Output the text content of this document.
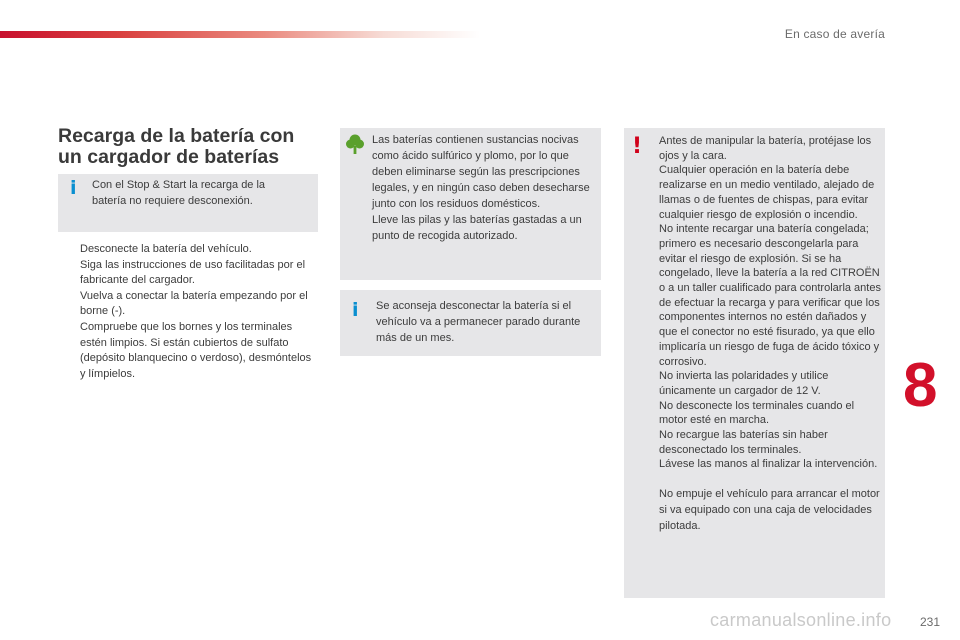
En caso de avería
Recarga de la batería con
un cargador de baterías
i Con el Stop & Start la recarga de la batería no requiere desconexión.
Desconecte la batería del vehículo.
Siga las instrucciones de uso facilitadas por el fabricante del cargador.
Vuelva a conectar la batería empezando por el borne (-).
Compruebe que los bornes y los terminales estén limpios. Si están cubiertos de sulfato (depósito blanquecino o verdoso), desmóntelos y límpielos.
Las baterías contienen sustancias nocivas como ácido sulfúrico y plomo, por lo que deben eliminarse según las prescripciones legales, y en ningún caso deben desecharse junto con los residuos domésticos.
Lleve las pilas y las baterías gastadas a un punto de recogida autorizado.
i Se aconseja desconectar la batería si el vehículo va a permanecer parado durante más de un mes.
! Antes de manipular la batería, protéjase los ojos y la cara.

Cualquier operación en la batería debe realizarse en un medio ventilado, alejado de llamas o de fuentes de chispas, para evitar cualquier riesgo de explosión o incendio.

No intente recargar una batería congelada; primero es necesario descongelarla para evitar el riesgo de explosión. Si se ha congelado, lleve la batería a la red CITROËN o a un taller cualificado para controlarla antes de efectuar la recarga y para verificar que los componentes internos no estén dañados y que el conector no esté fisurado, ya que ello implicaría un riesgo de fuga de ácido tóxico y corrosivo.

No invierta las polaridades y utilice únicamente un cargador de 12 V.

No desconecte los terminales cuando el motor esté en marcha.

No recargue las baterías sin haber desconectado los terminales.

Lávese las manos al finalizar la intervención.

No empuje el vehículo para arrancar el motor si va equipado con una caja de velocidades pilotada.

8
carmanualsonline.info 231
